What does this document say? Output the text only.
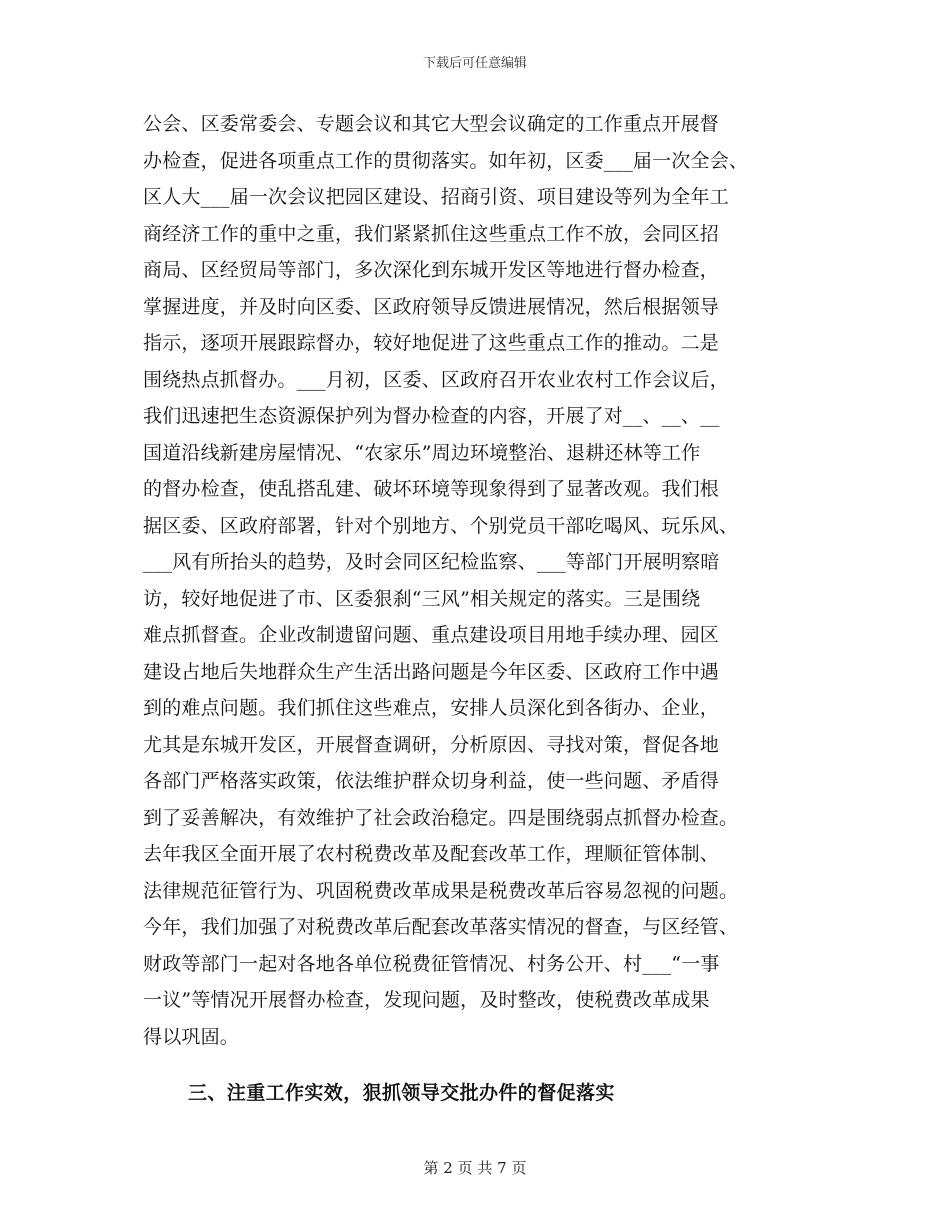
下载后可任意编辑
公会、区委常委会、专题会议和其它大型会议确定的工作重点开展督
办检查，促进各项重点工作的贯彻落实。如年初，区委___届一次全会、
区人大___届一次会议把园区建设、招商引资、项目建设等列为全年工
商经济工作的重中之重，我们紧紧抓住这些重点工作不放，会同区招
商局、区经贸局等部门，多次深化到东城开发区等地进行督办检查，
掌握进度，并及时向区委、区政府领导反馈进展情况，然后根据领导
指示，逐项开展跟踪督办，较好地促进了这些重点工作的推动。二是
围绕热点抓督办。___月初，区委、区政府召开农业农村工作会议后，
我们迅速把生态资源保护列为督办检查的内容，开展了对__、__、__
国道沿线新建房屋情况、“农家乐”周边环境整治、退耕还林等工作
的督办检查，使乱搭乱建、破坏环境等现象得到了显著改观。我们根
据区委、区政府部署，针对个别地方、个别党员干部吃喝风、玩乐风、
___风有所抬头的趋势，及时会同区纪检监察、___等部门开展明察暗
访，较好地促进了市、区委狠刹“三风”相关规定的落实。三是围绕
难点抓督查。企业改制遗留问题、重点建设项目用地手续办理、园区
建设占地后失地群众生产生活出路问题是今年区委、区政府工作中遇
到的难点问题。我们抓住这些难点，安排人员深化到各街办、企业，
尤其是东城开发区，开展督查调研，分析原因、寻找对策，督促各地
各部门严格落实政策，依法维护群众切身利益，使一些问题、矛盾得
到了妥善解决，有效维护了社会政治稳定。四是围绕弱点抓督办检查。
去年我区全面开展了农村税费改革及配套改革工作，理顺征管体制、
法律规范征管行为、巩固税费改革成果是税费改革后容易忽视的问题。
今年，我们加强了对税费改革后配套改革落实情况的督查，与区经管、
财政等部门一起对各地各单位税费征管情况、村务公开、村___“一事
一议”等情况开展督办检查，发现问题，及时整改，使税费改革成果
得以巩固。
三、注重工作实效，狠抓领导交批办件的督促落实
第 2 页 共 7 页
